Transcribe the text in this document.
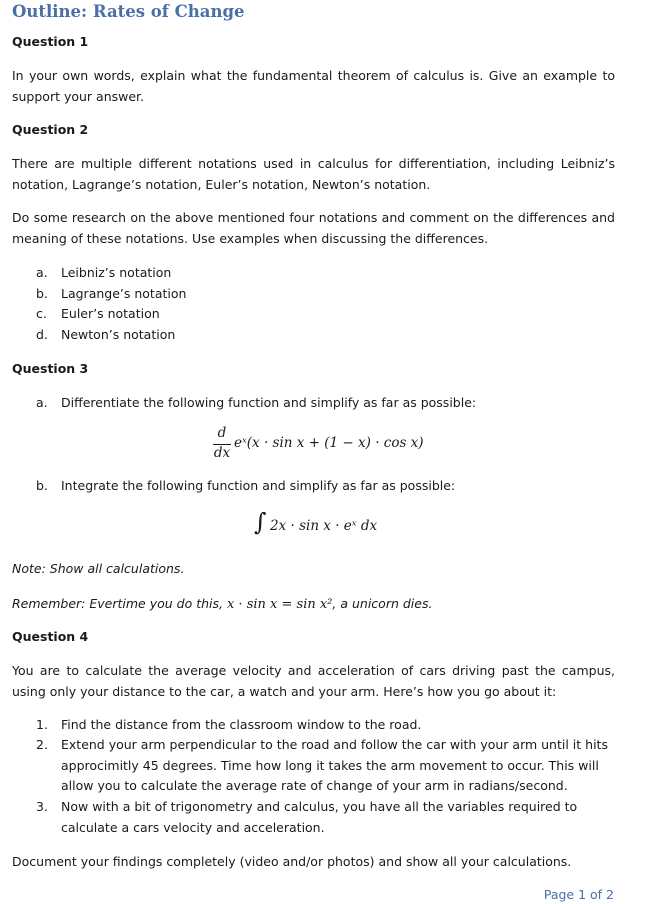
Outline: Rates of Change
Question 1
In your own words, explain what the fundamental theorem of calculus is. Give an example to support your answer.
Question 2
There are multiple different notations used in calculus for differentiation, including Leibniz’s notation, Lagrange’s notation, Euler’s notation, Newton’s notation.
Do some research on the above mentioned four notations and comment on the differences and meaning of these notations. Use examples when discussing the differences.
a. Leibniz’s notation
b. Lagrange’s notation
c. Euler’s notation
d. Newton’s notation
Question 3
a. Differentiate the following function and simplify as far as possible:
d
dx
eˣ(x · sin x + (1 − x) · cos x)
b. Integrate the following function and simplify as far as possible:
∫ 2x · sin x · eˣ dx
Note: Show all calculations.
Remember: Evertime you do this, x · sin x = sin x², a unicorn dies.
Question 4
You are to calculate the average velocity and acceleration of cars driving past the campus, using only your distance to the car, a watch and your arm. Here’s how you go about it:
1. Find the distance from the classroom window to the road.
2. Extend your arm perpendicular to the road and follow the car with your arm until it hits approcimitly 45 degrees. Time how long it takes the arm movement to occur. This will allow you to calculate the average rate of change of your arm in radians/second.
3. Now with a bit of trigonometry and calculus, you have all the variables required to calculate a cars velocity and acceleration.
Document your findings completely (video and/or photos) and show all your calculations.
Page 1 of 2
